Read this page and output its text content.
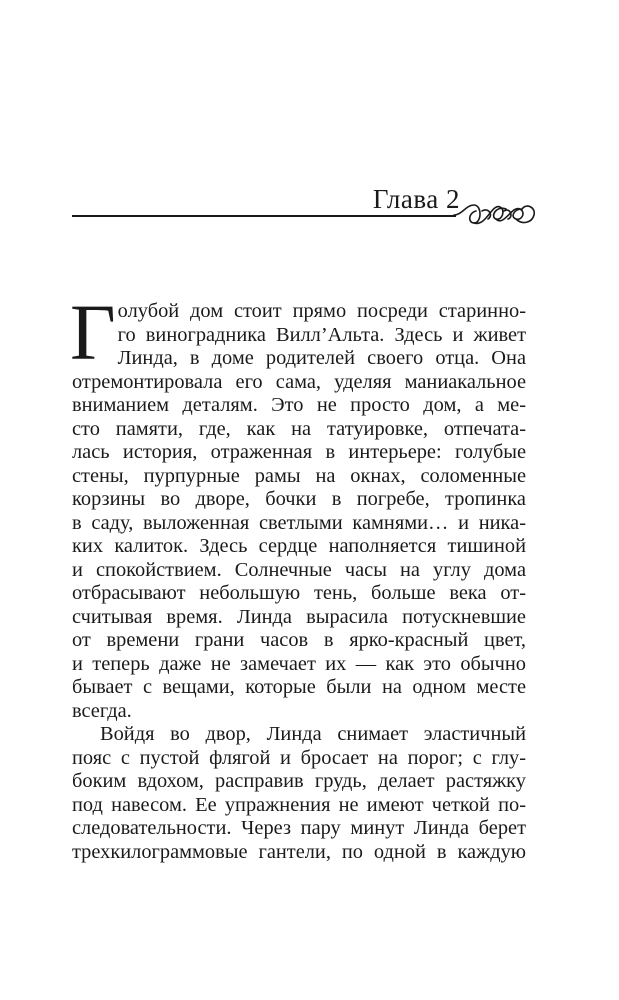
Глава 2
Г олубой дом стоит прямо посреди старинно-
го виноградника Вилл’Альта. Здесь и живет
Линда, в доме родителей своего отца. Она
отремонтировала его сама, уделяя маниакальное
вниманием деталям. Это не просто дом, а ме-
сто памяти, где, как на татуировке, отпечата-
лась история, отраженная в интерьере: голубые
стены, пурпурные рамы на окнах, соломенные
корзины во дворе, бочки в погребе, тропинка
в саду, выложенная светлыми камнями… и ника-
ких калиток. Здесь сердце наполняется тишиной
и спокойствием. Солнечные часы на углу дома
отбрасывают небольшую тень, больше века от-
считывая время. Линда вырасила потускневшие
от времени грани часов в ярко-красный цвет,
и теперь даже не замечает их — как это обычно
бывает с вещами, которые были на одном месте
всегда.
Войдя во двор, Линда снимает эластичный
пояс с пустой флягой и бросает на порог; с глу-
боким вдохом, расправив грудь, делает растяжку
под навесом. Ее упражнения не имеют четкой по-
следовательности. Через пару минут Линда берет
трехкилограммовые гантели, по одной в каждую
